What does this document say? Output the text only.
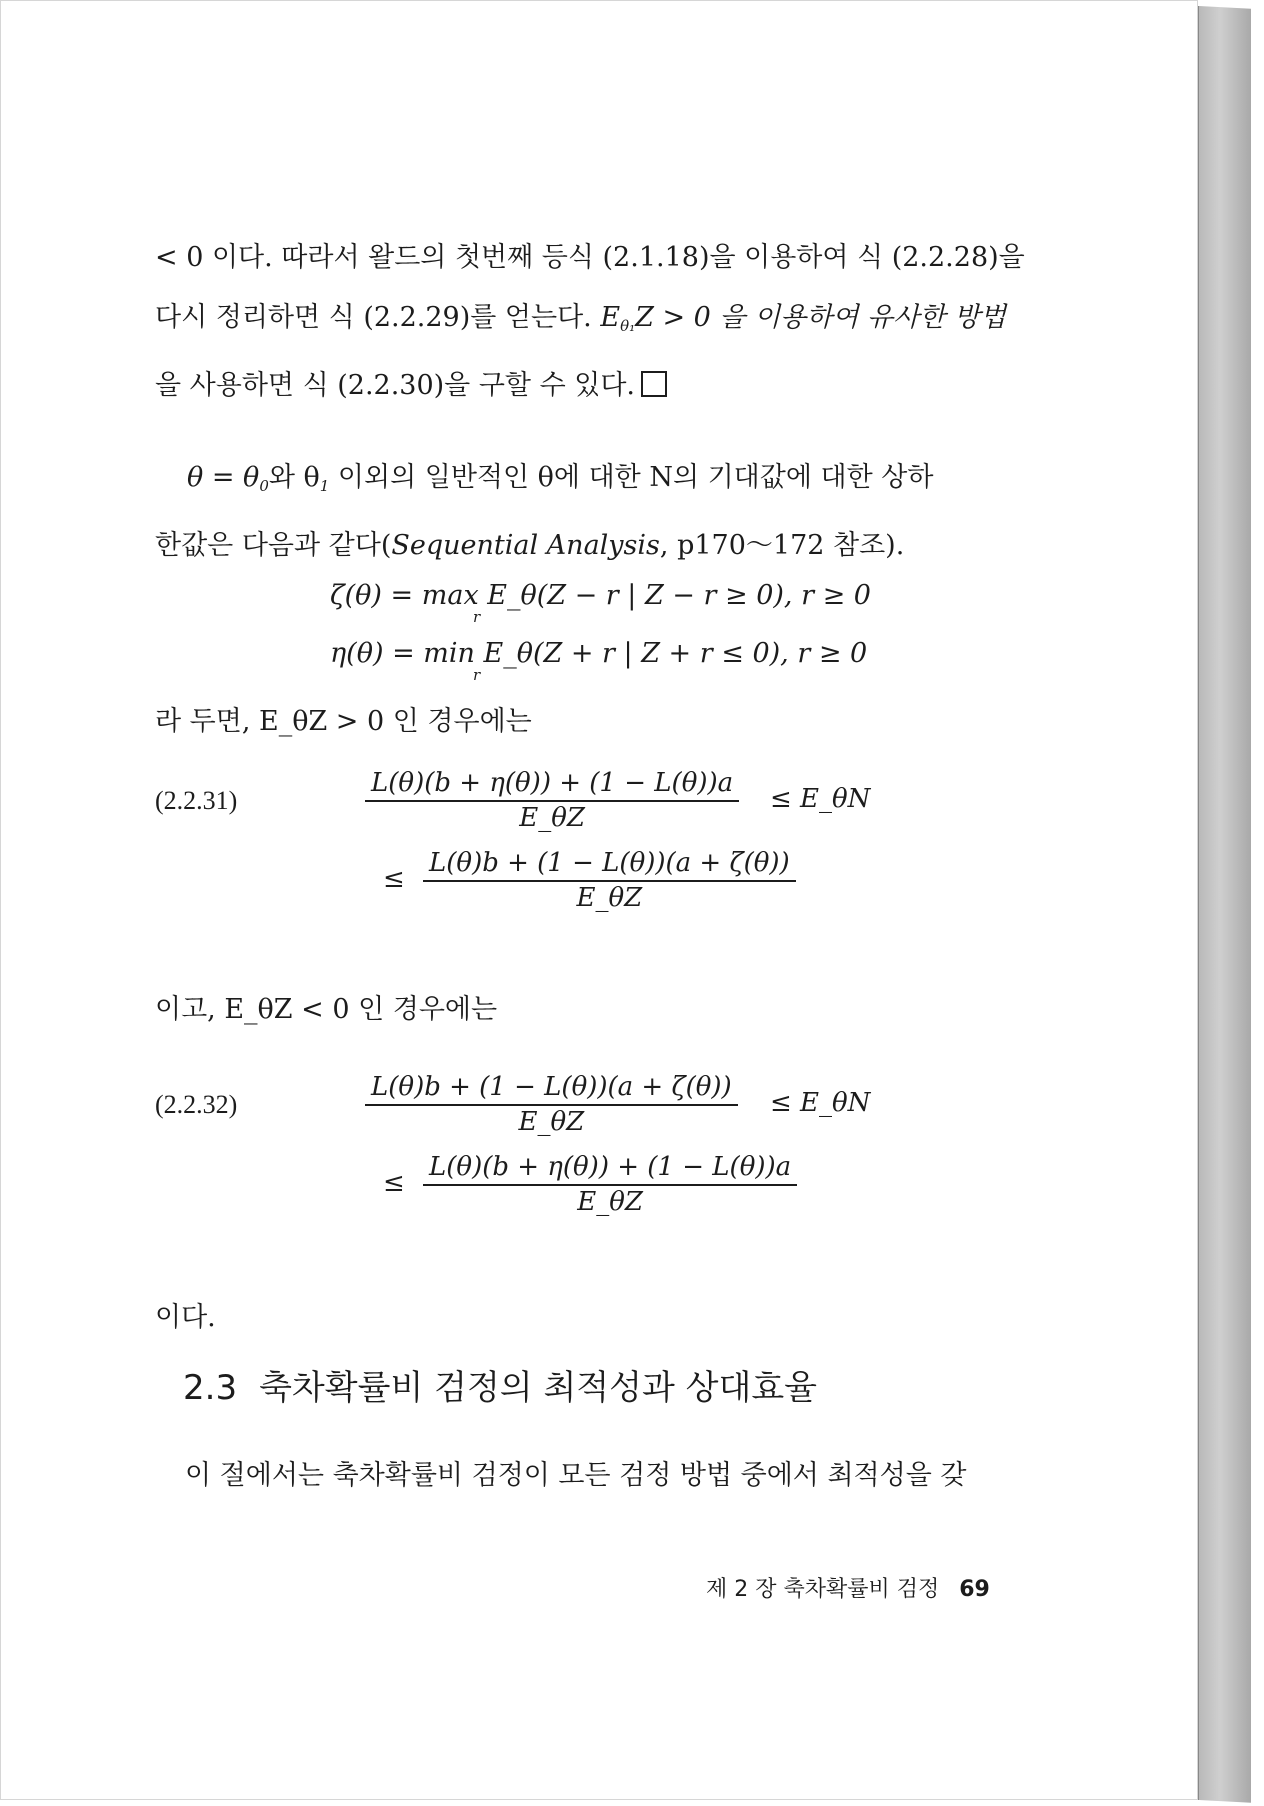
< 0 이다. 따라서 왈드의 첫번째 등식 (2.1.18)을 이용하여 식 (2.2.28)을
다시 정리하면 식 (2.2.29)를 얻는다. $E_{\theta_1}Z > 0$ 을 이용하여 유사한 방법
을 사용하면 식 (2.2.30)을 구할 수 있다.

$\theta = \theta_0$와 $\theta_1$ 이외의 일반적인 θ에 대한 N의 기대값에 대한 상하
한값은 다음과 같다(Sequential Analysis, p170～172 참조).

ζ(θ) = max E_θ(Z − r | Z − r ≥ 0), r ≥ 0
r
η(θ) = min E_θ(Z + r | Z + r ≤ 0), r ≥ 0
r

라 두면, E_θZ > 0 인 경우에는

(2.2.31)	$\frac{L(\theta)(b + \eta(\theta)) + (1 - L(\theta))a}{E\_\theta Z}$ ≤ E_θN
≤ $\frac{L(\theta)b + (1 - L(\theta))(a + \zeta(\theta))}{E\_\theta Z}$

이고, E_θZ < 0 인 경우에는

(2.2.32)	$\frac{L(\theta)b + (1 - L(\theta))(a + \zeta(\theta))}{E\_\theta Z}$ ≤ E_θN
≤ $\frac{L(\theta)(b + \eta(\theta)) + (1 - L(\theta))a}{E\_\theta Z}$

이다.

2.3 축차확률비 검정의 최적성과 상대효율

이 절에서는 축차확률비 검정이 모든 검정 방법 중에서 최적성을 갖

제 2 장 축차확률비 검정 69
